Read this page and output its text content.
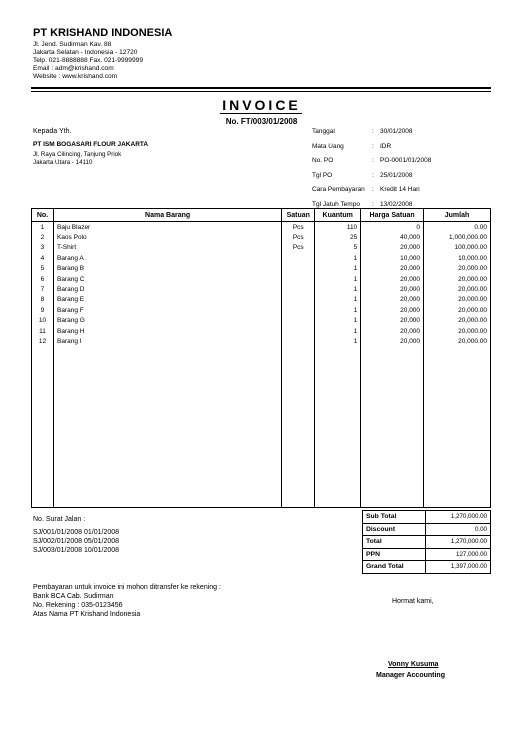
PT KRISHAND INDONESIA
Jl. Jend. Sudirman Kav. 88
Jakarta Selatan - Indonesia - 12720
Telp. 021-8888888 Fax. 021-9999999
Email : adm@krishand.com
Website : www.krishand.com
INVOICE
No. FT/003/01/2008
Kepada Yth.
PT ISM BOGASARI FLOUR JAKARTA
Jl. Raya Cilincing, Tanjung Priok
Jakarta Utara - 14110
Tanggal	: 30/01/2008
Mata Uang	: IDR
No. PO	: PO-0001/01/2008
Tgl PO	: 25/01/2008
Cara Pembayaran	: Kredit 14 Hari
Tgl Jatuh Tempo	: 13/02/2008
No.	Nama Barang	Satuan	Kuantum	Harga Satuan	Jumlah
1	Baju Blazer	Pcs	110	0	0.00
2	Kaos Polo	Pcs	25	40,000	1,000,000.00
3	T-Shirt	Pcs	5	20,000	100,000.00
4	Barang A		1	10,000	10,000.00
5	Barang B		1	20,000	20,000.00
6	Barang C		1	20,000	20,000.00
7	Barang D		1	20,000	20,000.00
8	Barang E		1	20,000	20,000.00
9	Barang F		1	20,000	20,000.00
10	Barang G		1	20,000	20,000.00
11	Barang H		1	20,000	20,000.00
12	Barang I		1	20,000	20,000.00

No. Surat Jalan :
SJ/001/01/2008 01/01/2008
SJ/002/01/2008 05/01/2008
SJ/003/01/2008 10/01/2008
Sub Total	1,270,000.00
Discount	0.00
Total	1,270,000.00
PPN	127,000.00
Grand Total	1,397,000.00
Pembayaran untuk invoice ini mohon ditransfer ke rekening :
Bank BCA Cab. Sudirman
No. Rekening : 035-0123456
Atas Nama PT Krishand Indonesia
Hormat kami,
Vonny Kusuma
Manager Accounting
